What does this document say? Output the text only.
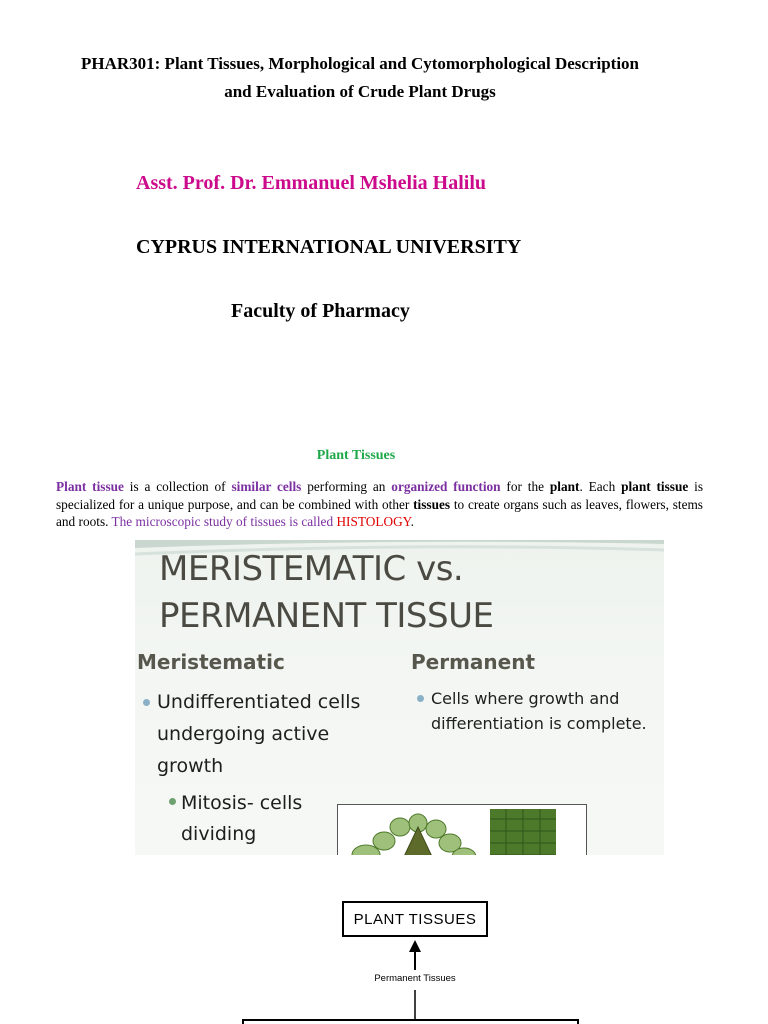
PHAR301: Plant Tissues, Morphological and Cytomorphological Description
and Evaluation of Crude Plant Drugs
Asst. Prof. Dr. Emmanuel Mshelia Halilu
CYPRUS INTERNATIONAL UNIVERSITY
Faculty of Pharmacy
Plant Tissues
Plant tissue is a collection of similar cells performing an organized function for the plant. Each plant tissue is specialized for a unique purpose, and can be combined with other tissues to create organs such as leaves, flowers, stems and roots. The microscopic study of tissues is called HISTOLOGY.
MERISTEMATIC vs.
PERMANENT TISSUE
Meristematic	Permanent
Undifferentiated cells
undergoing active
growth
Mitosis- cells
dividing
Cells where growth and
differentiation is complete.
PLANT TISSUES
Permanent Tissues
